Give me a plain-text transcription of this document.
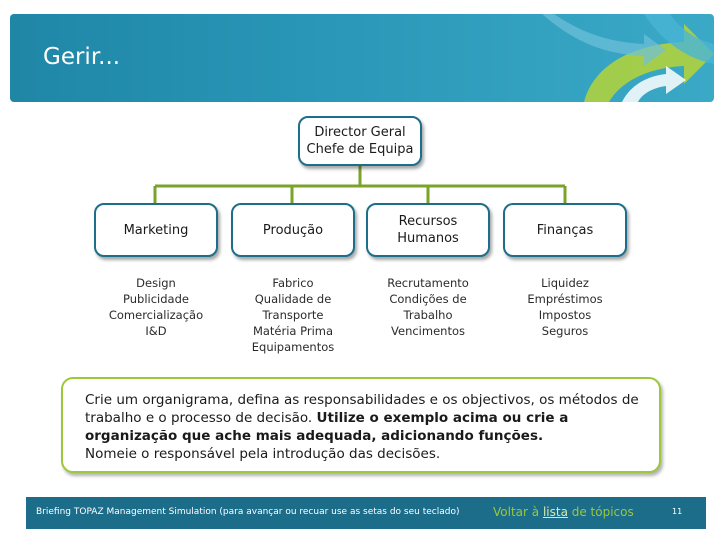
Gerir...
Director Geral
Chefe de Equipa
Marketing	Produção
Recursos
Humanos
Finanças
Design
Publicidade
Comercialização
I&D
Fabrico
Qualidade de
Transporte
Matéria Prima
Equipamentos
Recrutamento
Condições de
Trabalho
Vencimentos
Liquidez
Empréstimos
Impostos
Seguros
Crie um organigrama, defina as responsabilidades e os objectivos, os métodos de trabalho e o processo de decisão. Utilize o exemplo acima ou crie a organização que ache mais adequada, adicionando funções.
Nomeie o responsável pela introdução das decisões.
Briefing TOPAZ Management Simulation (para avançar ou recuar use as setas do seu teclado)	Voltar à lista de tópicos	11
